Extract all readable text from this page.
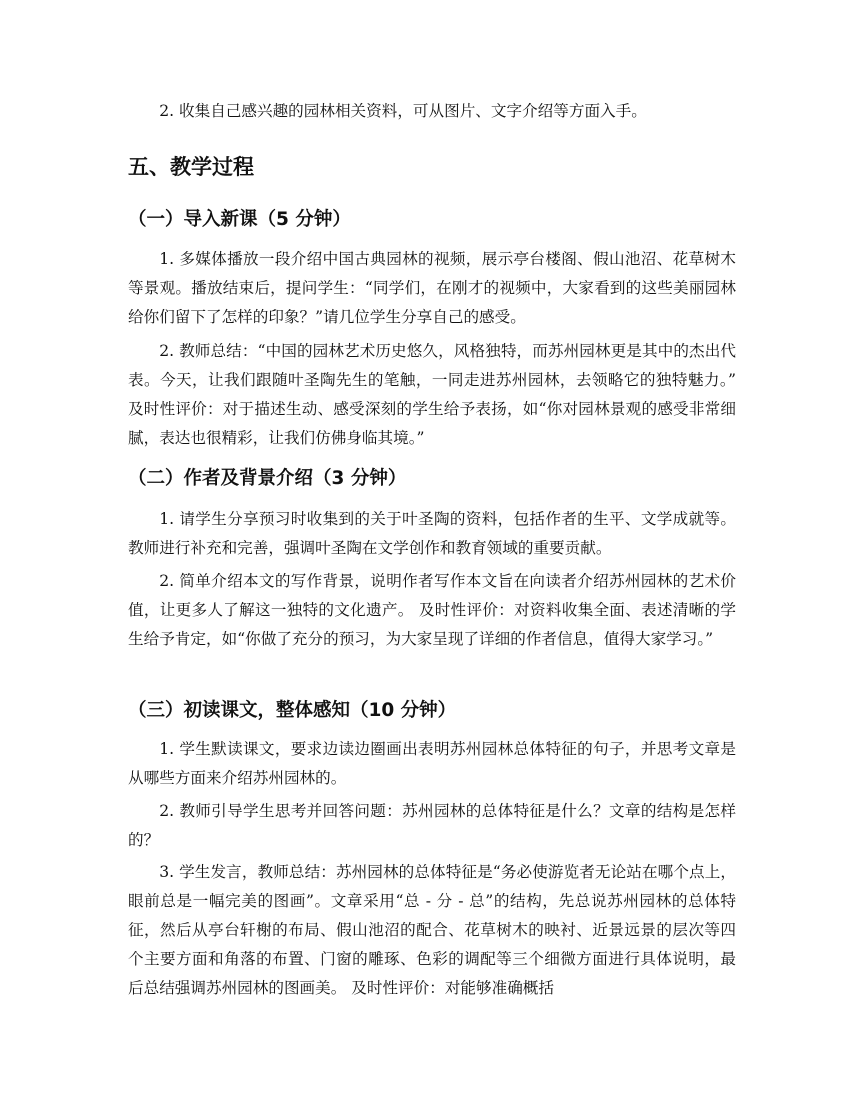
2. 收集自己感兴趣的园林相关资料，可从图片、文字介绍等方面入手。

五、教学过程
（一）导入新课（5 分钟）

1. 多媒体播放一段介绍中国古典园林的视频，展示亭台楼阁、假山池沼、花草树木等景观。播放结束后，提问学生：“同学们，在刚才的视频中，大家看到的这些美丽园林给你们留下了怎样的印象？”请几位学生分享自己的感受。

2. 教师总结：“中国的园林艺术历史悠久，风格独特，而苏州园林更是其中的杰出代表。今天，让我们跟随叶圣陶先生的笔触，一同走进苏州园林，去领略它的独特魅力。” 及时性评价：对于描述生动、感受深刻的学生给予表扬，如“你对园林景观的感受非常细腻，表达也很精彩，让我们仿佛身临其境。”

（二）作者及背景介绍（3 分钟）

1. 请学生分享预习时收集到的关于叶圣陶的资料，包括作者的生平、文学成就等。教师进行补充和完善，强调叶圣陶在文学创作和教育领域的重要贡献。

2. 简单介绍本文的写作背景，说明作者写作本文旨在向读者介绍苏州园林的艺术价值，让更多人了解这一独特的文化遗产。 及时性评价：对资料收集全面、表述清晰的学生给予肯定，如“你做了充分的预习，为大家呈现了详细的作者信息，值得大家学习。”

（三）初读课文，整体感知（10 分钟）

1. 学生默读课文，要求边读边圈画出表明苏州园林总体特征的句子，并思考文章是从哪些方面来介绍苏州园林的。

2. 教师引导学生思考并回答问题：苏州园林的总体特征是什么？文章的结构是怎样的？

3. 学生发言，教师总结：苏州园林的总体特征是“务必使游览者无论站在哪个点上，眼前总是一幅完美的图画”。文章采用“总 - 分 - 总”的结构，先总说苏州园林的总体特征，然后从亭台轩榭的布局、假山池沼的配合、花草树木的映衬、近景远景的层次等四个主要方面和角落的布置、门窗的雕琢、色彩的调配等三个细微方面进行具体说明，最后总结强调苏州园林的图画美。 及时性评价：对能够准确概括
